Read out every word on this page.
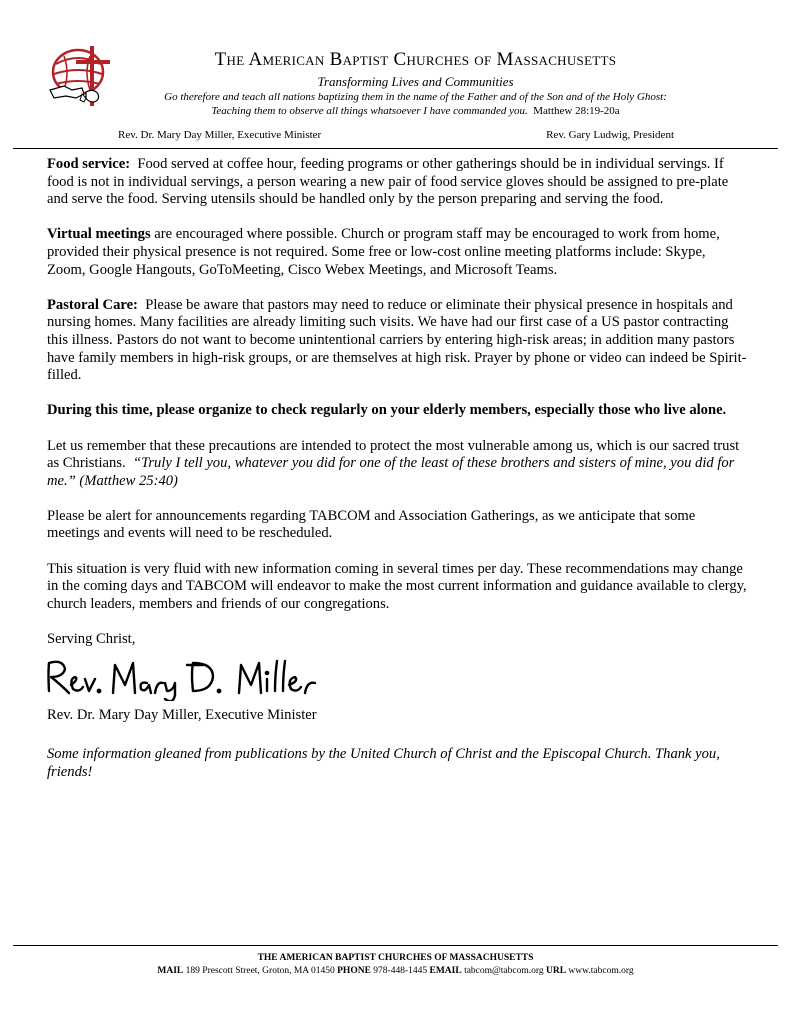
The American Baptist Churches of Massachusetts
Transforming Lives and Communities
Go therefore and teach all nations baptizing them in the name of the Father and of the Son and of the Holy Ghost:
Teaching them to observe all things whatsoever I have commanded you. Matthew 28:19-20a
Rev. Dr. Mary Day Miller, Executive Minister	Rev. Gary Ludwig, President

Food service: Food served at coffee hour, feeding programs or other gatherings should be in individual servings. If food is not in individual servings, a person wearing a new pair of food service gloves should be assigned to pre-plate and serve the food. Serving utensils should be handled only by the person preparing and serving the food.

Virtual meetings are encouraged where possible. Church or program staff may be encouraged to work from home, provided their physical presence is not required. Some free or low-cost online meeting platforms include: Skype, Zoom, Google Hangouts, GoToMeeting, Cisco Webex Meetings, and Microsoft Teams.

Pastoral Care: Please be aware that pastors may need to reduce or eliminate their physical presence in hospitals and nursing homes. Many facilities are already limiting such visits. We have had our first case of a US pastor contracting this illness. Pastors do not want to become unintentional carriers by entering high-risk areas; in addition many pastors have family members in high-risk groups, or are themselves at high risk. Prayer by phone or video can indeed be Spirit-filled.

During this time, please organize to check regularly on your elderly members, especially those who live alone.

Let us remember that these precautions are intended to protect the most vulnerable among us, which is our sacred trust as Christians. “Truly I tell you, whatever you did for one of the least of these brothers and sisters of mine, you did for me.” (Matthew 25:40)

Please be alert for announcements regarding TABCOM and Association Gatherings, as we anticipate that some meetings and events will need to be rescheduled.

This situation is very fluid with new information coming in several times per day. These recommendations may change in the coming days and TABCOM will endeavor to make the most current information and guidance available to clergy, church leaders, members and friends of our congregations.

Serving Christ,

Rev. Dr. Mary Day Miller, Executive Minister

Some information gleaned from publications by the United Church of Christ and the Episcopal Church. Thank you, friends!

THE AMERICAN BAPTIST CHURCHES OF MASSACHUSETTS
MAIL 189 Prescott Street, Groton, MA 01450 PHONE 978-448-1445 EMAIL tabcom@tabcom.org URL www.tabcom.org
